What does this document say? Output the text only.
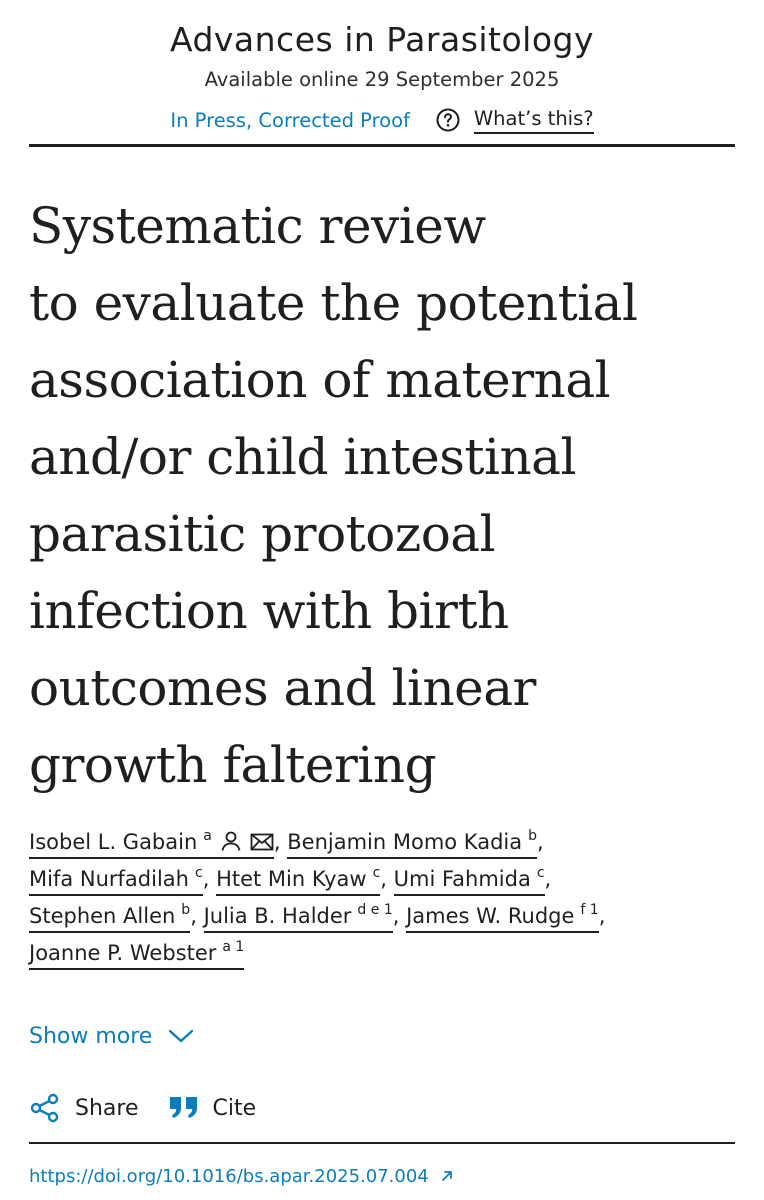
Advances in Parasitology
Available online 29 September 2025
In Press, Corrected Proof	What’s this?
Systematic review
to evaluate the potential
association of maternal
and/or child intestinal
parasitic protozoal
infection with birth
outcomes and linear
growth faltering
Isobel L. Gabain $^a$	, Benjamin Momo Kadia $^b$,
Mifa Nurfadilah $^c$, Htet Min Kyaw $^c$, Umi Fahmida $^c$,
Stephen Allen $^b$, Julia B. Halder $^{d e 1}$, James W. Rudge $^{f 1}$,
Joanne P. Webster $^{a 1}$
Show more
Share	Cite
https://doi.org/10.1016/bs.apar.2025.07.004
